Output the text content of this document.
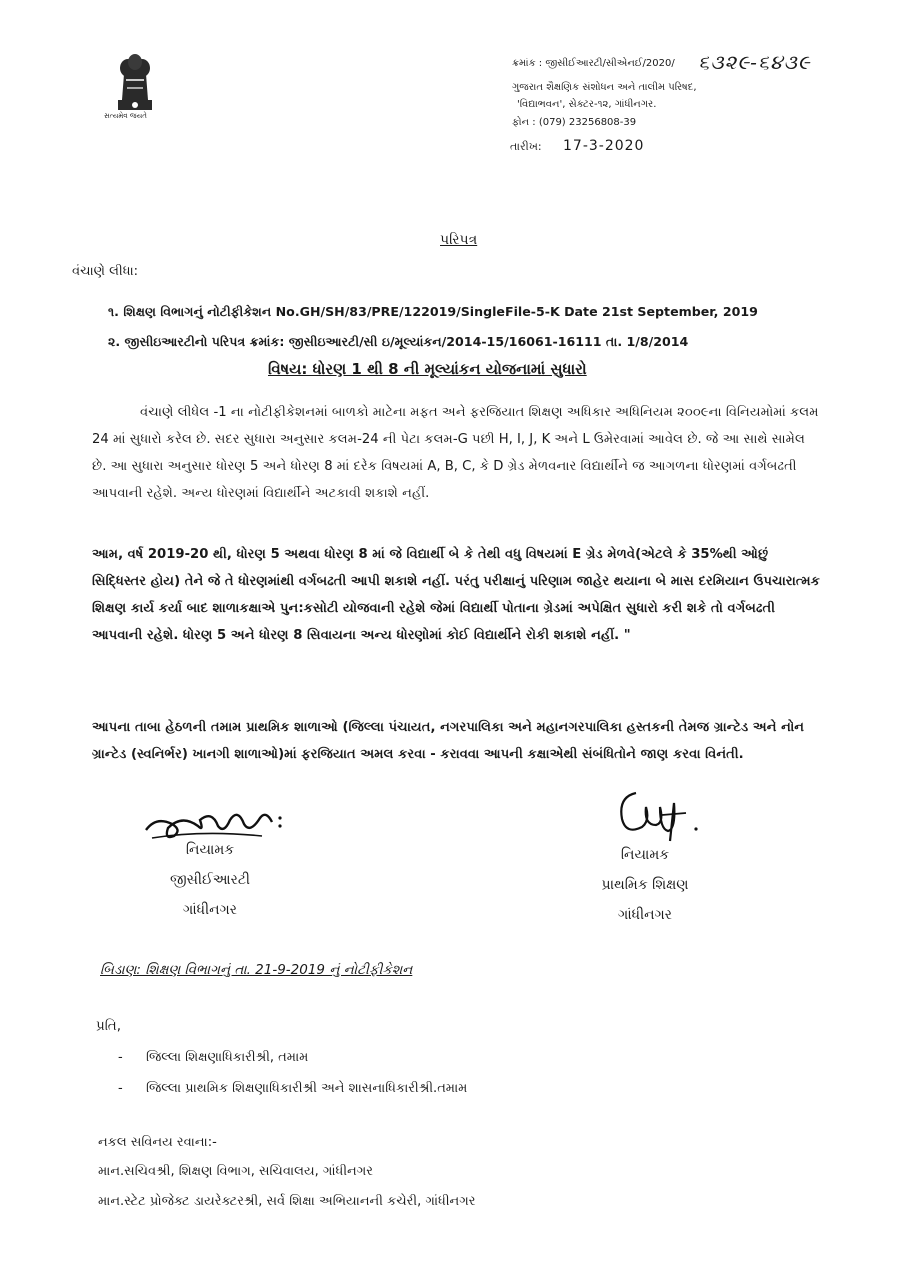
સત્યમેવ જયતે
ક્રમાંક : જીસીઈઆરટી/સીએનઈ/2020/ ૬૩૨૯-૬૪૩૯
ગુજરાત શૈક્ષણિક સંશોધન અને તાલીમ પરિષદ,
'વિદ્યાભવન', સેક્ટર-૧૨, ગાંધીનગર.
ફોન : (079) 23256808-39
તારીખ: 17-3-2020
પરિપત્ર
વંચાણે લીધા:
૧. શિક્ષણ વિભાગનું નોટીફીકેશન No.GH/SH/83/PRE/122019/SingleFile-5-K Date 21st September, 2019
૨. જીસીઇઆરટીનો પરિપત્ર ક્રમાંક: જીસીઇઆરટી/સી ઇ/મૂલ્યાંકન/2014-15/16061-16111 તા. 1/8/2014
વિષય: ધોરણ 1 થી 8 ની મૂલ્યાંકન યોજનામાં સુધારો
વંચાણે લીધેલ -1 ના નોટીફીકેશનમાં બાળકો માટેના મફત અને ફરજિયાત શિક્ષણ અધિકાર અધિનિયમ ૨૦૦૯ના વિનિયમોમાં કલમ 24 માં સુધારો કરેલ છે. સદર સુધારા અનુસાર કલમ-24 ની પેટા કલમ-G પછી H, I, J, K અને L ઉમેરવામાં આવેલ છે. જે આ સાથે સામેલ છે. આ સુધારા અનુસાર ધોરણ 5 અને ધોરણ 8 માં દરેક વિષયમાં A, B, C, કે D ગ્રેડ મેળવનાર વિદ્યાર્થીને જ આગળના ધોરણમાં વર્ગબઢતી આપવાની રહેશે. અન્ય ધોરણમાં વિદ્યાર્થીને અટકાવી શકાશે નહીં.
આમ, વર્ષ 2019-20 થી, ધોરણ 5 અથવા ધોરણ 8 માં જે વિદ્યાર્થી બે કે તેથી વધુ વિષયમાં E ગ્રેડ મેળવે(એટલે કે 35%થી ઓછું સિદ્ધિસ્તર હોય) તેને જે તે ધોરણમાંથી વર્ગબઢતી આપી શકાશે નહીં. પરંતુ પરીક્ષાનું પરિણામ જાહેર થયાના બે માસ દરમિયાન ઉપચારાત્મક શિક્ષણ કાર્ય કર્યા બાદ શાળાકક્ષાએ પુન:કસોટી યોજવાની રહેશે જેમાં વિદ્યાર્થી પોતાના ગ્રેડમાં અપેક્ષિત સુધારો કરી શકે તો વર્ગબઢતી આપવાની રહેશે. ધોરણ 5 અને ધોરણ 8 સિવાયના અન્ય ધોરણોમાં કોઈ વિદ્યાર્થીને રોકી શકાશે નહીં. "
આપના તાબા હેઠળની તમામ પ્રાથમિક શાળાઓ (જિલ્લા પંચાયત, નગરપાલિકા અને મહાનગરપાલિકા હસ્તકની તેમજ ગ્રાન્ટેડ અને નોન ગ્રાન્ટેડ (સ્વનિર્ભર) ખાનગી શાળાઓ)માં ફરજિયાત અમલ કરવા - કરાવવા આપની કક્ષાએથી સંબંધિતોને જાણ કરવા વિનંતી.
નિયામક
જીસીઈઆરટી
ગાંધીનગર
નિયામક
પ્રાથમિક શિક્ષણ
ગાંધીનગર
બિડાણ: શિક્ષણ વિભાગનું તા. 21-9-2019 નું નોટીફીકેશન
પ્રતિ,
- જિલ્લા શિક્ષણાધિકારીશ્રી, તમામ
- જિલ્લા પ્રાથમિક શિક્ષણાધિકારીશ્રી અને શાસનાધિકારીશ્રી.તમામ
નકલ સવિનય રવાના:-
માન.સચિવશ્રી, શિક્ષણ વિભાગ, સચિવાલય, ગાંધીનગર
માન.સ્ટેટ પ્રોજેક્ટ ડાયરેક્ટરશ્રી, સર્વ શિક્ષા અભિયાનની કચેરી, ગાંધીનગર
